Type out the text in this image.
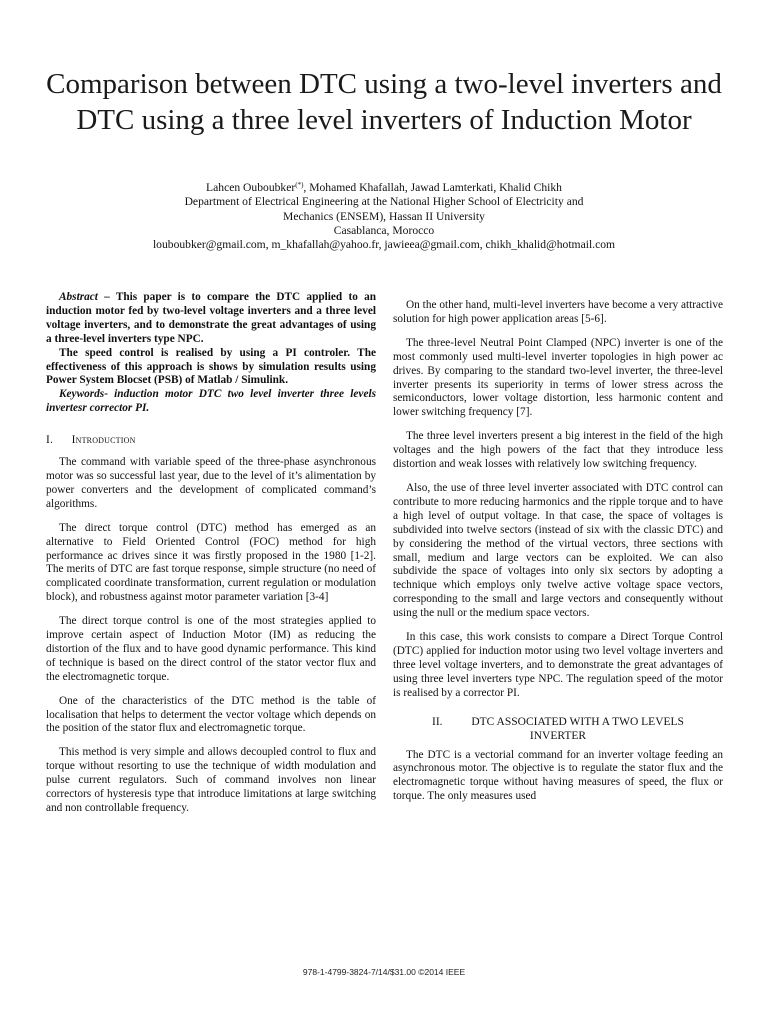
Comparison between DTC using a two-level inverters and DTC using a three level inverters of Induction Motor
Lahcen Ouboubker(*), Mohamed Khafallah, Jawad Lamterkati, Khalid Chikh
Department of Electrical Engineering at the National Higher School of Electricity and
Mechanics (ENSEM), Hassan II University
Casablanca, Morocco
louboubker@gmail.com, m_khafallah@yahoo.fr, jawieea@gmail.com, chikh_khalid@hotmail.com

Abstract – This paper is to compare the DTC applied to an induction motor fed by two-level voltage inverters and a three level voltage inverters, and to demonstrate the great advantages of using a three-level inverters type NPC.

The speed control is realised by using a PI controler. The effectiveness of this approach is shows by simulation results using Power System Blocset (PSB) of Matlab / Simulink.

Keywords- induction motor DTC two level inverter three levels invertesr corrector PI.

I. Introduction

The command with variable speed of the three-phase asynchronous motor was so successful last year, due to the level of it’s alimentation by power converters and the development of complicated command’s algorithms.

The direct torque control (DTC) method has emerged as an alternative to Field Oriented Control (FOC) method for high performance ac drives since it was firstly proposed in the 1980 [1-2]. The merits of DTC are fast torque response, simple structure (no need of complicated coordinate transformation, current regulation or modulation block), and robustness against motor parameter variation [3-4]

The direct torque control is one of the most strategies applied to improve certain aspect of Induction Motor (IM) as reducing the distortion of the flux and to have good dynamic performance. This kind of technique is based on the direct control of the stator vector flux and the electromagnetic torque.

One of the characteristics of the DTC method is the table of localisation that helps to determent the vector voltage which depends on the position of the stator flux and electromagnetic torque.

This method is very simple and allows decoupled control to flux and torque without resorting to use the technique of width modulation and pulse current regulators. Such of command involves non linear correctors of hysteresis type that introduce limitations at large switching and non controllable frequency.

On the other hand, multi-level inverters have become a very attractive solution for high power application areas [5-6].

The three-level Neutral Point Clamped (NPC) inverter is one of the most commonly used multi-level inverter topologies in high power ac drives. By comparing to the standard two-level inverter, the three-level inverter presents its superiority in terms of lower stress across the semiconductors, lower voltage distortion, less harmonic content and lower switching frequency [7].

The three level inverters present a big interest in the field of the high voltages and the high powers of the fact that they introduce less distortion and weak losses with relatively low switching frequency.

Also, the use of three level inverter associated with DTC control can contribute to more reducing harmonics and the ripple torque and to have a high level of output voltage. In that case, the space of voltages is subdivided into twelve sectors (instead of six with the classic DTC) and by considering the method of the virtual vectors, three sections with small, medium and large vectors can be exploited. We can also subdivide the space of voltages into only six sectors by adopting a technique which employs only twelve active voltage space vectors, corresponding to the small and large vectors and consequently without using the null or the medium space vectors.

In this case, this work consists to compare a Direct Torque Control (DTC) applied for induction motor using two level voltage inverters and three level voltage inverters, and to demonstrate the great advantages of using three level inverters type NPC. The regulation speed of the motor is realised by a corrector PI.

II.	DTC ASSOCIATED WITH A TWO LEVELS
INVERTER

The DTC is a vectorial command for an inverter voltage feeding an asynchronous motor. The objective is to regulate the stator flux and the electromagnetic torque without having measures of speed, the flux or torque. The only measures used

978-1-4799-3824-7/14/$31.00 ©2014 IEEE
